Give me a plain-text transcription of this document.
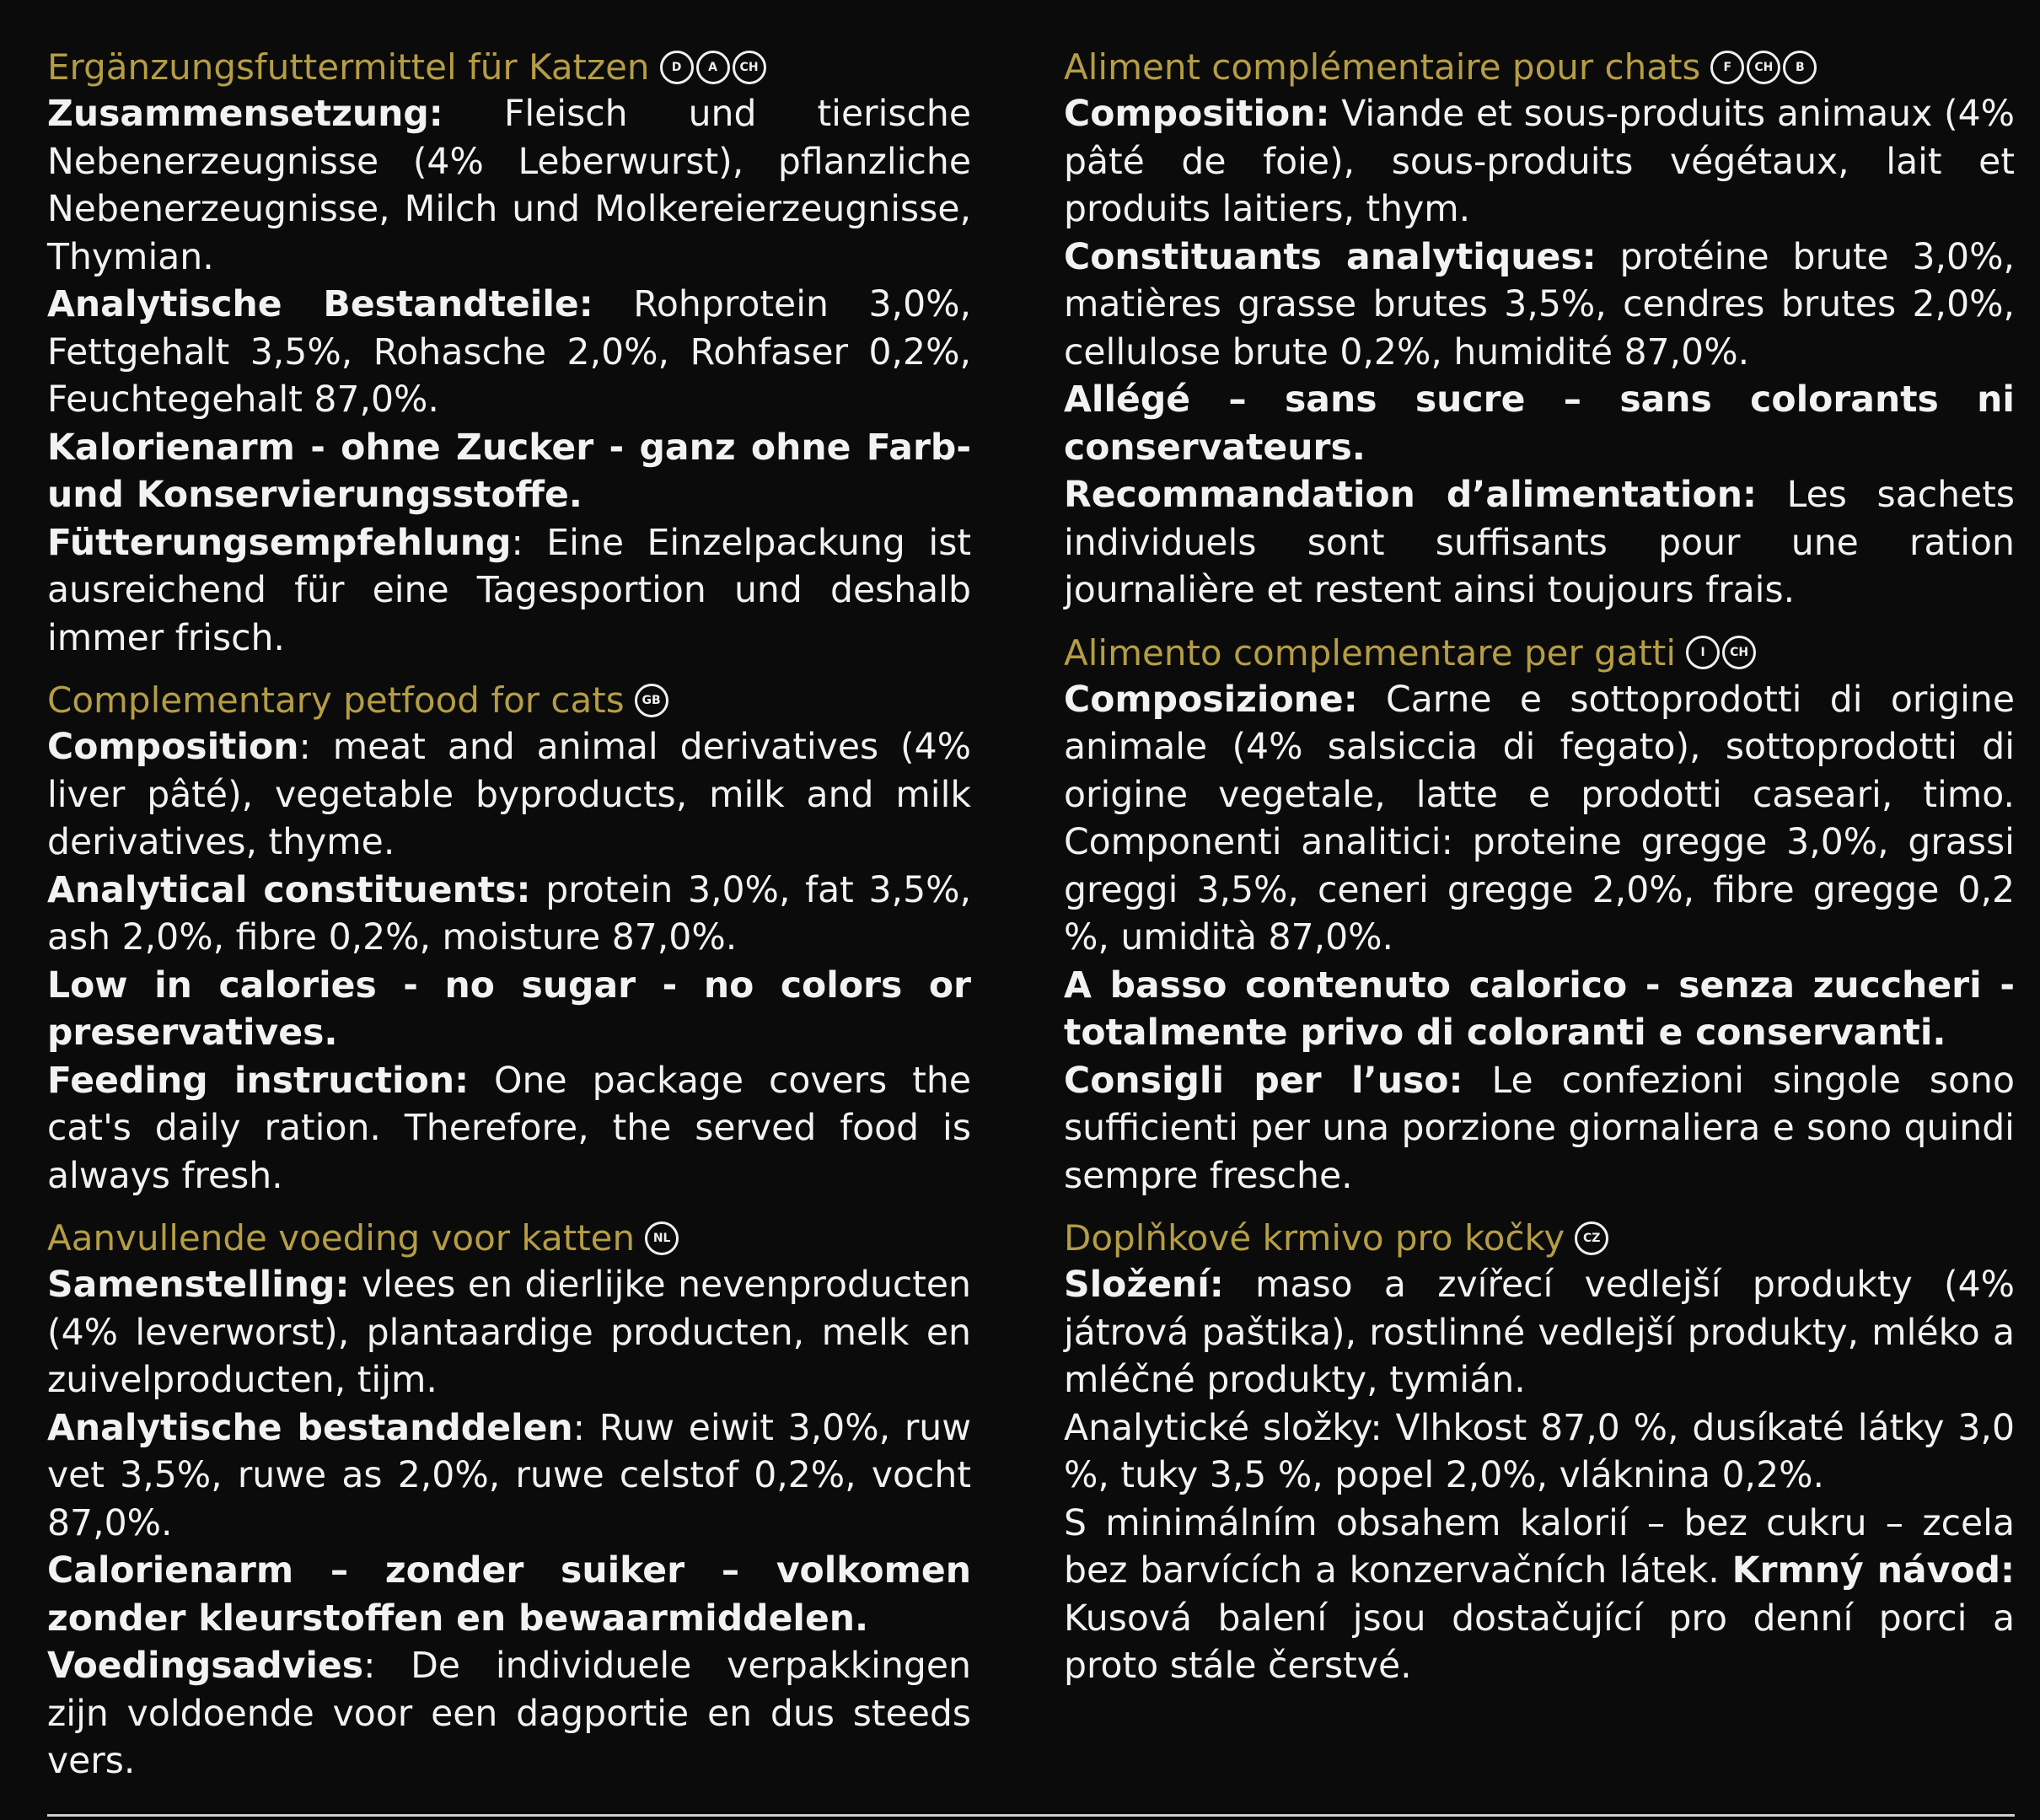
Ergänzungsfuttermittel für Katzen D A CH

Zusammensetzung: Fleisch und tierische Nebenerzeugnisse (4% Leberwurst), pflanzliche Nebenerzeugnisse, Milch und Molkereierzeugnisse, Thymian.

Analytische Bestandteile: Rohprotein 3,0%, Fettgehalt 3,5%, Rohasche 2,0%, Rohfaser 0,2%, Feuchtegehalt 87,0%.

Kalorienarm - ohne Zucker - ganz ohne Farb- und Konservierungsstoffe.

Fütterungsempfehlung: Eine Einzelpackung ist ausreichend für eine Tagesportion und deshalb immer frisch.

Complementary petfood for cats GB

Composition: meat and animal derivatives (4% liver pâté), vegetable byproducts, milk and milk derivatives, thyme.

Analytical constituents: protein 3,0%, fat 3,5%, ash 2,0%, fibre 0,2%, moisture 87,0%.

Low in calories - no sugar - no colors or preservatives.

Feeding instruction: One package covers the cat's daily ration. Therefore, the served food is always fresh.

Aanvullende voeding voor katten NL

Samenstelling: vlees en dierlijke nevenproducten (4% leverworst), plantaardige producten, melk en zuivelproducten, tijm.

Analytische bestanddelen: Ruw eiwit 3,0%, ruw vet 3,5%, ruwe as 2,0%, ruwe celstof 0,2%, vocht 87,0%.

Calorienarm – zonder suiker – volkomen zonder kleurstoffen en bewaarmiddelen.

Voedingsadvies: De individuele verpakkingen zijn voldoende voor een dagportie en dus steeds vers.

Aliment complémentaire pour chats F CH B

Composition: Viande et sous-produits animaux (4% pâté de foie), sous-produits végétaux, lait et produits laitiers, thym.

Constituants analytiques: protéine brute 3,0%, matières grasse brutes 3,5%, cendres brutes 2,0%, cellulose brute 0,2%, humidité 87,0%.

Allégé – sans sucre – sans colorants ni conservateurs.

Recommandation d’alimentation: Les sachets individuels sont suffisants pour une ration journalière et restent ainsi toujours frais.

Alimento complementare per gatti I CH

Composizione: Carne e sottoprodotti di origine animale (4% salsiccia di fegato), sottoprodotti di origine vegetale, latte e prodotti caseari, timo. Componenti analitici: proteine gregge 3,0%, grassi greggi 3,5%, ceneri gregge 2,0%, fibre gregge 0,2 %, umidità 87,0%.

A basso contenuto calorico - senza zuccheri - totalmente privo di coloranti e conservanti.

Consigli per l’uso: Le confezioni singole sono sufficienti per una porzione giornaliera e sono quindi sempre fresche.

Doplňkové krmivo pro kočky CZ

Složení: maso a zvířecí vedlejší produkty (4% játrová paštika), rostlinné vedlejší produkty, mléko a mléčné produkty, tymián.

Analytické složky: Vlhkost 87,0 %, dusíkaté látky 3,0 %, tuky 3,5 %, popel 2,0%, vláknina 0,2%.

S minimálním obsahem kalorií – bez cukru – zcela bez barvících a konzervačních látek. Krmný návod: Kusová balení jsou dostačující pro denní porci a proto stále čerstvé.
